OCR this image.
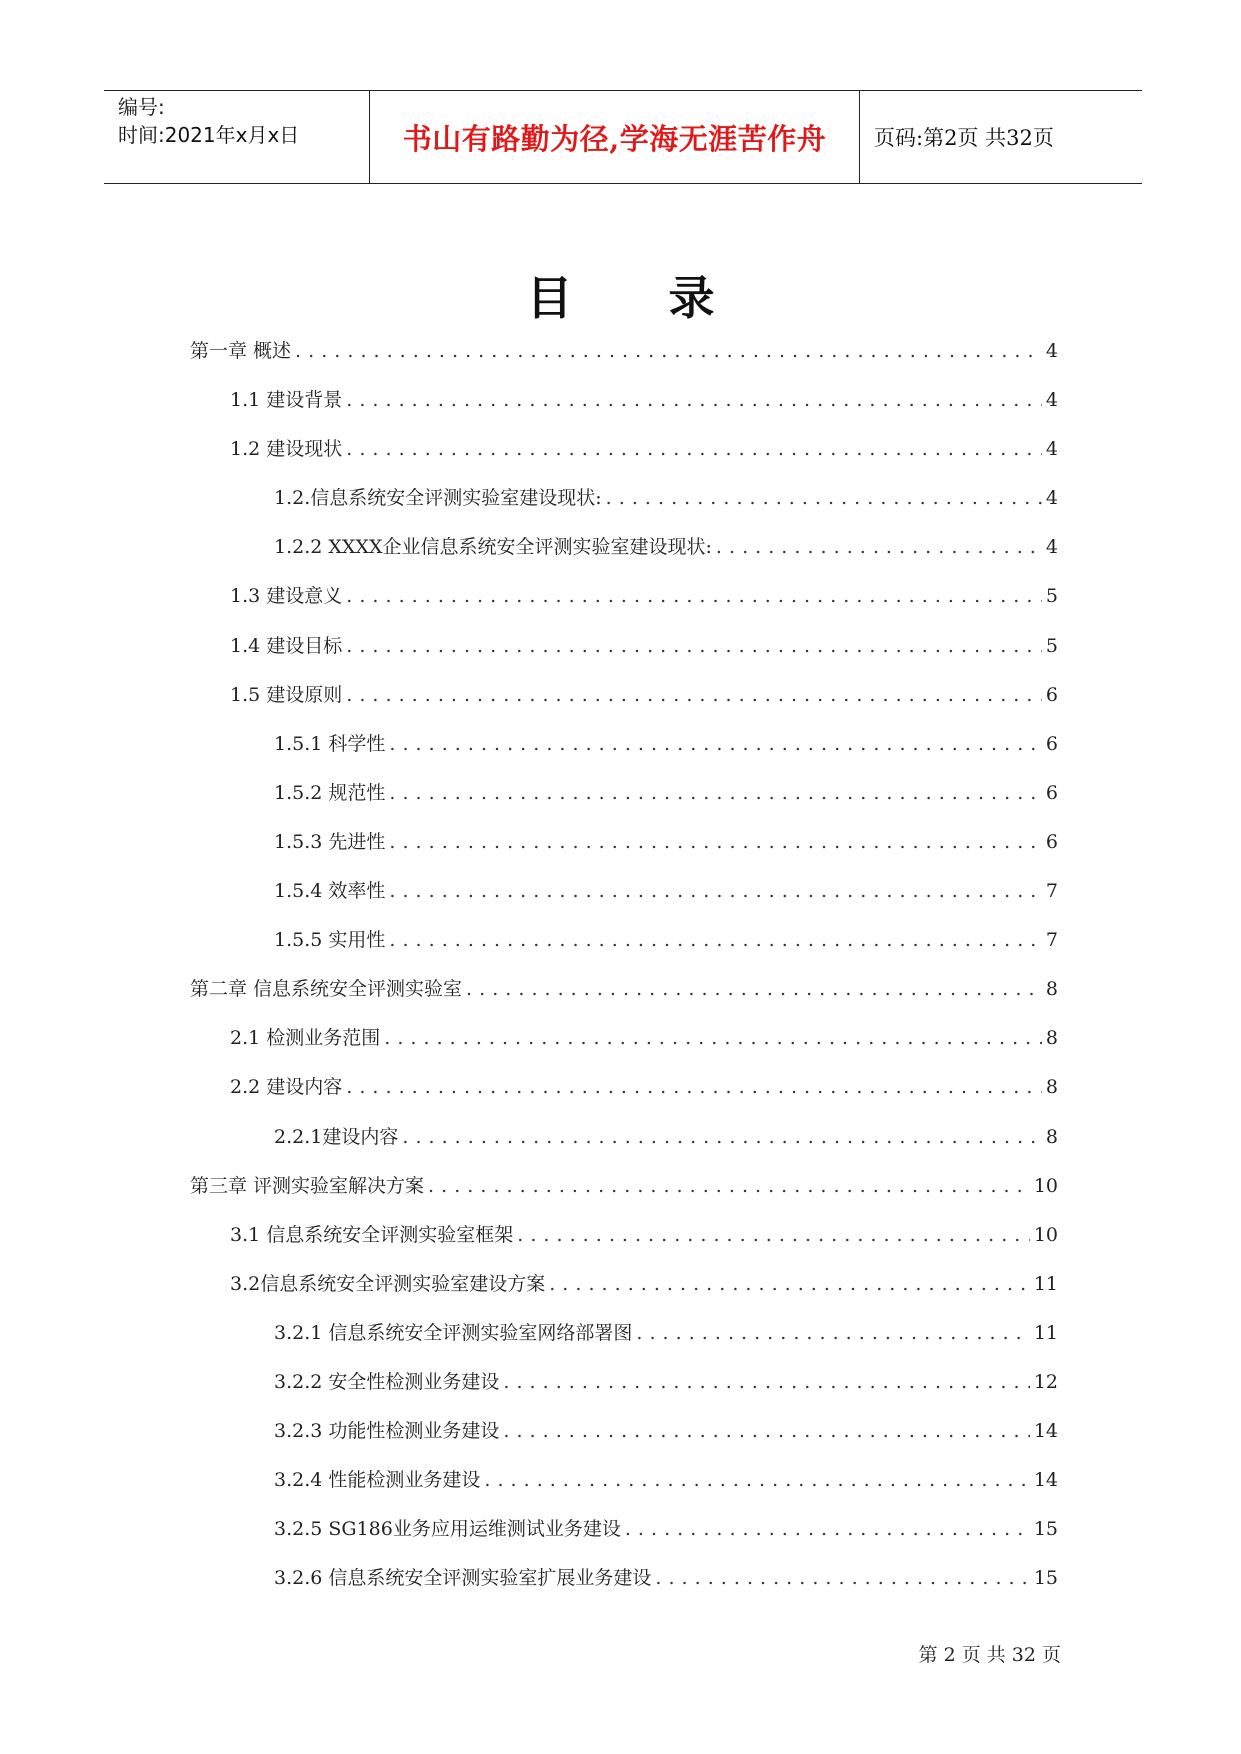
编号:
时间:2021年x月x日	书山有路勤为径,学海无涯苦作舟	页码:第2页 共32页
目 录
第一章 概述 . . .	4
1.1 建设背景 . . .	4
1.2 建设现状 . . .	4
1.2.信息系统安全评测实验室建设现状: . . .	4
1.2.2 XXXX企业信息系统安全评测实验室建设现状: . . .	4
1.3 建设意义 . . .	5
1.4 建设目标 . . .	5
1.5 建设原则 . . .	6
1.5.1 科学性 . . .	6
1.5.2 规范性 . . .	6
1.5.3 先进性 . . .	6
1.5.4 效率性 . . .	7
1.5.5 实用性 . . .	7
第二章 信息系统安全评测实验室 . . .	8
2.1 检测业务范围 . . .	8
2.2 建设内容 . . .	8
2.2.1建设内容 . . .	8
第三章 评测实验室解决方案 . . .	10
3.1 信息系统安全评测实验室框架 . . .	10
3.2信息系统安全评测实验室建设方案 . . .	11
3.2.1 信息系统安全评测实验室网络部署图 . . .	11
3.2.2 安全性检测业务建设 . . .	12
3.2.3 功能性检测业务建设 . . .	14
3.2.4 性能检测业务建设 . . .	14
3.2.5 SG186业务应用运维测试业务建设 . . .	15
3.2.6 信息系统安全评测实验室扩展业务建设 . . .	15
第 2 页 共 32 页
